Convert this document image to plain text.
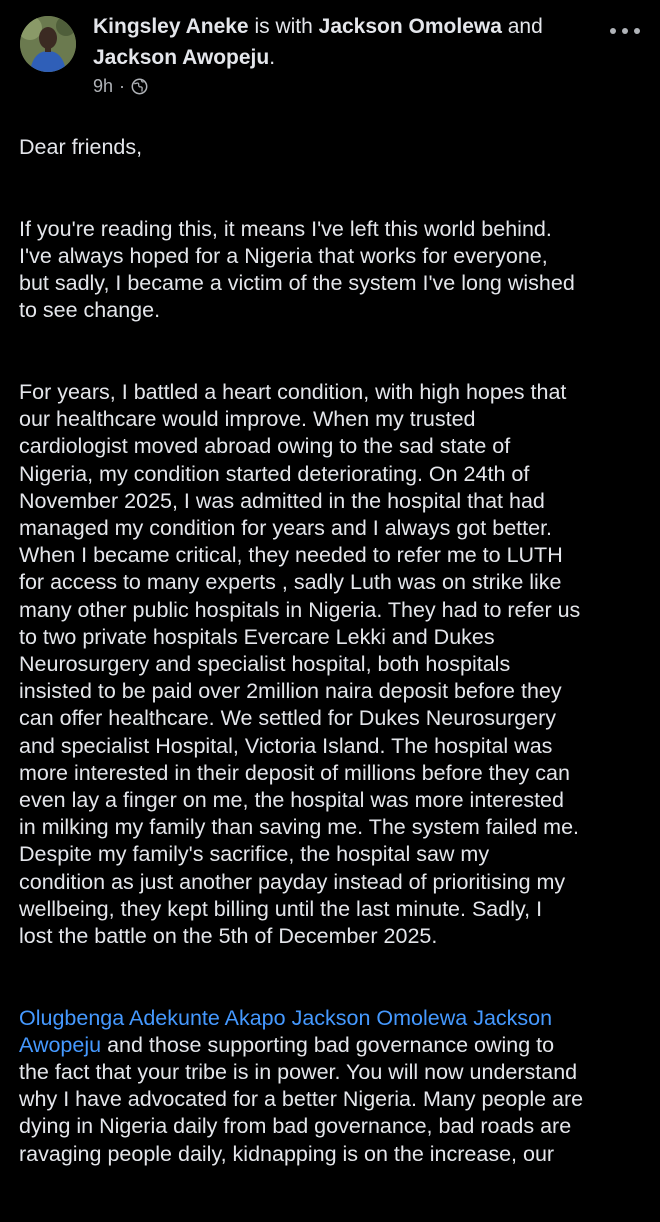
Kingsley Aneke is with Jackson Omolewa and Jackson Awopeju.
9h ·

Dear friends,

If you're reading this, it means I've left this world behind.
I've always hoped for a Nigeria that works for everyone,
but sadly, I became a victim of the system I've long wished
to see change.

For years, I battled a heart condition, with high hopes that
our healthcare would improve. When my trusted
cardiologist moved abroad owing to the sad state of
Nigeria, my condition started deteriorating. On 24th of
November 2025, I was admitted in the hospital that had
managed my condition for years and I always got better.
When I became critical, they needed to refer me to LUTH
for access to many experts , sadly Luth was on strike like
many other public hospitals in Nigeria. They had to refer us
to two private hospitals Evercare Lekki and Dukes
Neurosurgery and specialist hospital, both hospitals
insisted to be paid over 2million naira deposit before they
can offer healthcare. We settled for Dukes Neurosurgery
and specialist Hospital, Victoria Island. The hospital was
more interested in their deposit of millions before they can
even lay a finger on me, the hospital was more interested
in milking my family than saving me. The system failed me.
Despite my family's sacrifice, the hospital saw my
condition as just another payday instead of prioritising my
wellbeing, they kept billing until the last minute. Sadly, I
lost the battle on the 5th of December 2025.

Olugbenga Adekunte Akapo Jackson Omolewa Jackson
Awopeju and those supporting bad governance owing to
the fact that your tribe is in power. You will now understand
why I have advocated for a better Nigeria. Many people are
dying in Nigeria daily from bad governance, bad roads are
ravaging people daily, kidnapping is on the increase, our
